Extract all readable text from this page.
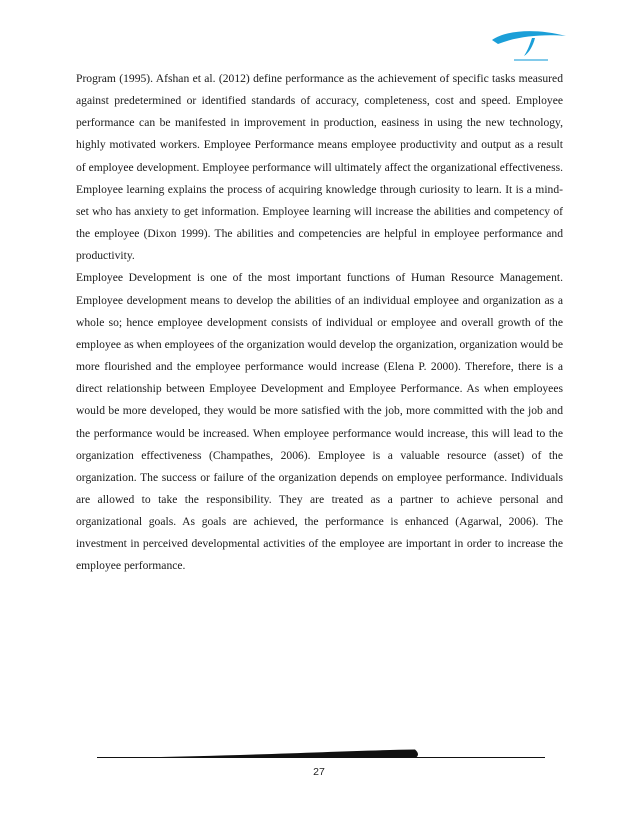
Program (1995). Afshan et al. (2012) define performance as the achievement of specific tasks measured against predetermined or identified standards of accuracy, completeness, cost and speed. Employee performance can be manifested in improvement in production, easiness in using the new technology, highly motivated workers. Employee Performance means employee productivity and output as a result of employee development. Employee performance will ultimately affect the organizational effectiveness. Employee learning explains the process of acquiring knowledge through curiosity to learn. It is a mind-set who has anxiety to get information. Employee learning will increase the abilities and competency of the employee (Dixon 1999). The abilities and competencies are helpful in employee performance and productivity.

Employee Development is one of the most important functions of Human Resource Management. Employee development means to develop the abilities of an individual employee and organization as a whole so; hence employee development consists of individual or employee and overall growth of the employee as when employees of the organization would develop the organization, organization would be more flourished and the employee performance would increase (Elena P. 2000). Therefore, there is a direct relationship between Employee Development and Employee Performance. As when employees would be more developed, they would be more satisfied with the job, more committed with the job and the performance would be increased. When employee performance would increase, this will lead to the organization effectiveness (Champathes, 2006). Employee is a valuable resource (asset) of the organization. The success or failure of the organization depends on employee performance. Individuals are allowed to take the responsibility. They are treated as a partner to achieve personal and organizational goals. As goals are achieved, the performance is enhanced (Agarwal, 2006). The investment in perceived developmental activities of the employee are important in order to increase the employee performance.

27
